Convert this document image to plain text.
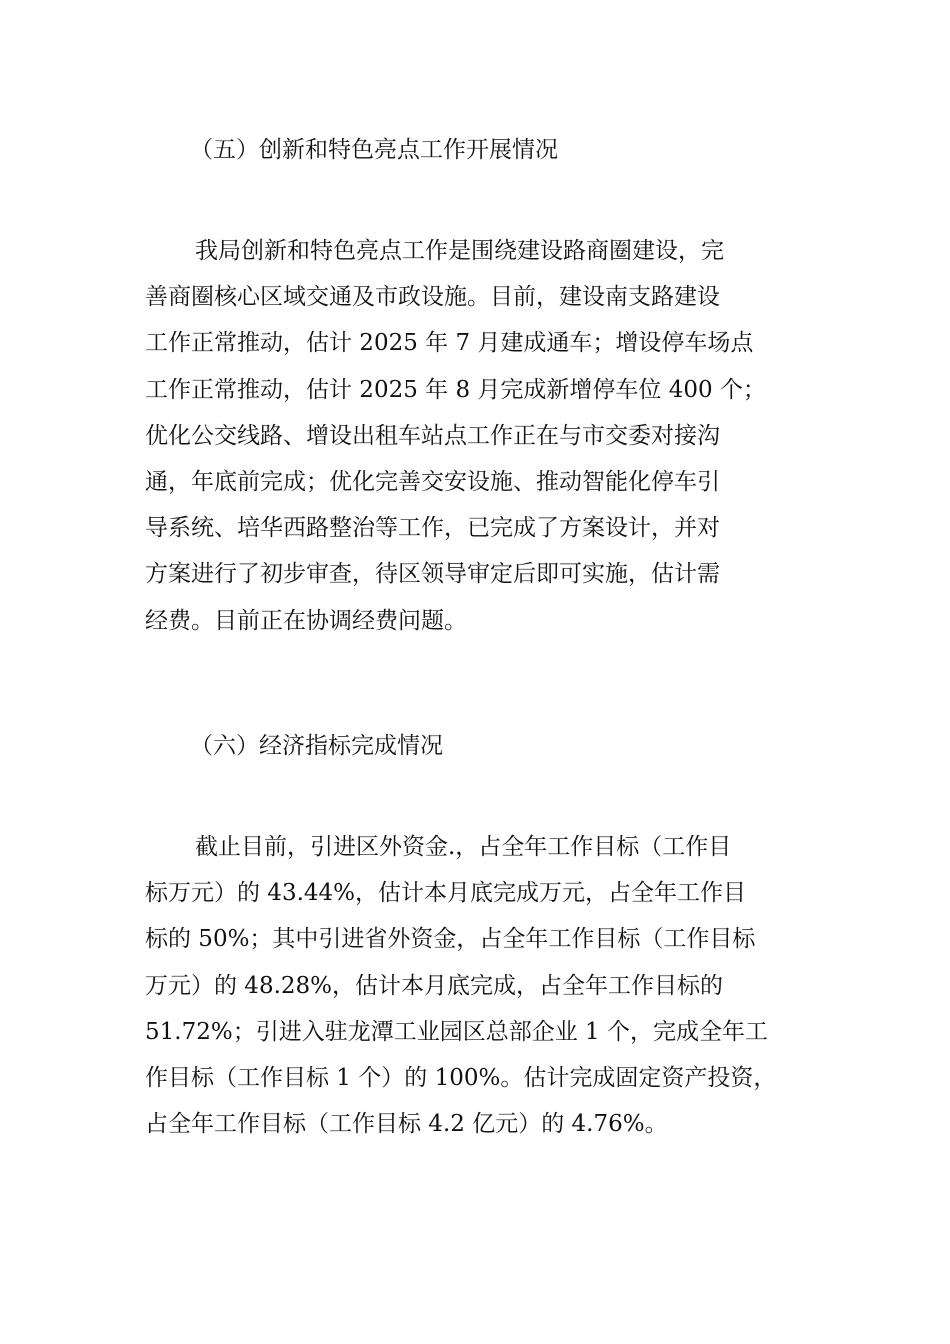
（五）创新和特色亮点工作开展情况
我局创新和特色亮点工作是围绕建设路商圈建设，完
善商圈核心区域交通及市政设施。目前，建设南支路建设
工作正常推动，估计 2025 年 7 月建成通车；增设停车场点
工作正常推动，估计 2025 年 8 月完成新增停车位 400 个；
优化公交线路、增设出租车站点工作正在与市交委对接沟
通，年底前完成；优化完善交安设施、推动智能化停车引
导系统、培华西路整治等工作，已完成了方案设计，并对
方案进行了初步审查，待区领导审定后即可实施，估计需
经费。目前正在协调经费问题。
（六）经济指标完成情况
截止目前，引进区外资金.，占全年工作目标（工作目
标万元）的 43.44%，估计本月底完成万元，占全年工作目
标的 50%；其中引进省外资金，占全年工作目标（工作目标
万元）的 48.28%，估计本月底完成，占全年工作目标的
51.72%；引进入驻龙潭工业园区总部企业 1 个，完成全年工
作目标（工作目标 1 个）的 100%。估计完成固定资产投资，
占全年工作目标（工作目标 4.2 亿元）的 4.76%。
